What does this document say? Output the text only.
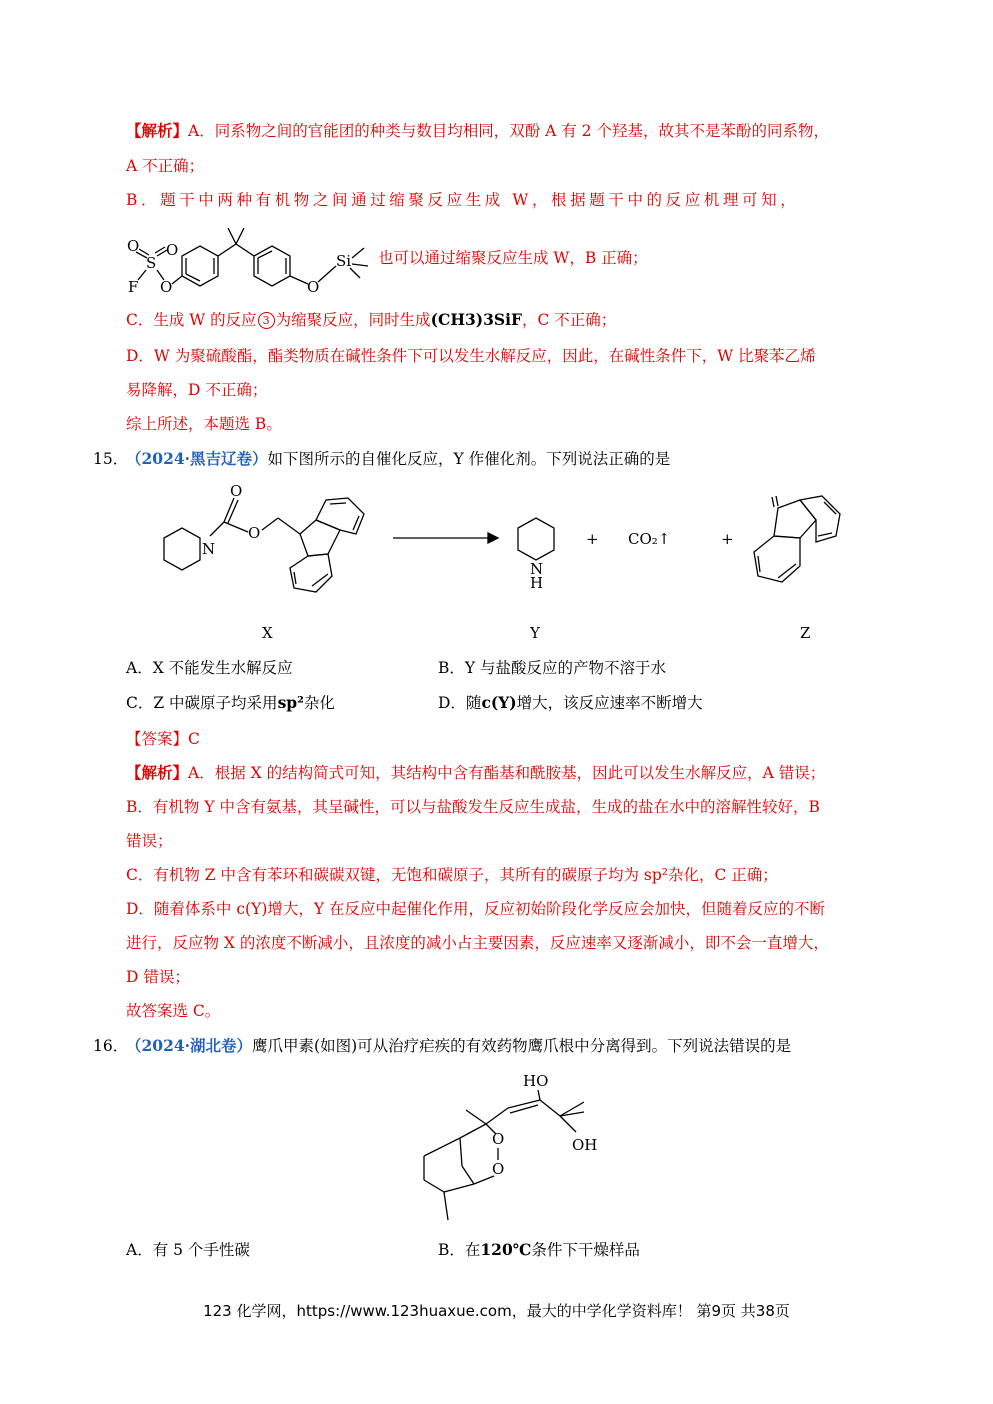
【解析】A．同系物之间的官能团的种类与数目均相同，双酚 A 有 2 个羟基，故其不是苯酚的同系物，
A 不正确；
B．题干中两种有机物之间通过缩聚反应生成 W，根据题干中的反应机理可知，
O O
S
F O	O
Si 也可以通过缩聚反应生成 W，B 正确；
C．生成 W 的反应 3 为缩聚反应，同时生成(CH3)3SiF，C 不正确；
D．W 为聚硫酸酯，酯类物质在碱性条件下可以发生水解反应，因此，在碱性条件下，W 比聚苯乙烯
易降解，D 不正确；
综上所述，本题选 B。
15．
（2024·黑吉辽卷）如下图所示的自催化反应，Y 作催化剂。下列说法正确的是
N
O
O
N
H
+ CO₂↑	+
X	Y	Z
A．X 不能发生水解反应	B．Y 与盐酸反应的产物不溶于水
C．Z 中碳原子均采用sp²杂化	D．随c(Y)增大，该反应速率不断增大
【答案】C
【解析】A．根据 X 的结构简式可知，其结构中含有酯基和酰胺基，因此可以发生水解反应，A 错误；
B．有机物 Y 中含有氨基，其呈碱性，可以与盐酸发生反应生成盐，生成的盐在水中的溶解性较好，B
错误；
C．有机物 Z 中含有苯环和碳碳双键，无饱和碳原子，其所有的碳原子均为 sp²杂化，C 正确；
D．随着体系中 c(Y)增大，Y 在反应中起催化作用，反应初始阶段化学反应会加快，但随着反应的不断
进行，反应物 X 的浓度不断减小，且浓度的减小占主要因素，反应速率又逐渐减小，即不会一直增大，
D 错误；
故答案选 C。
16．
（2024·湖北卷）鹰爪甲素(如图)可从治疗疟疾的有效药物鹰爪根中分离得到。下列说法错误的是
HO
OH
O
O
A．有 5 个手性碳	B．在120℃条件下干燥样品
123 化学网，https://www.123huaxue.com，最大的中学化学资料库！ 第9页 共38页
